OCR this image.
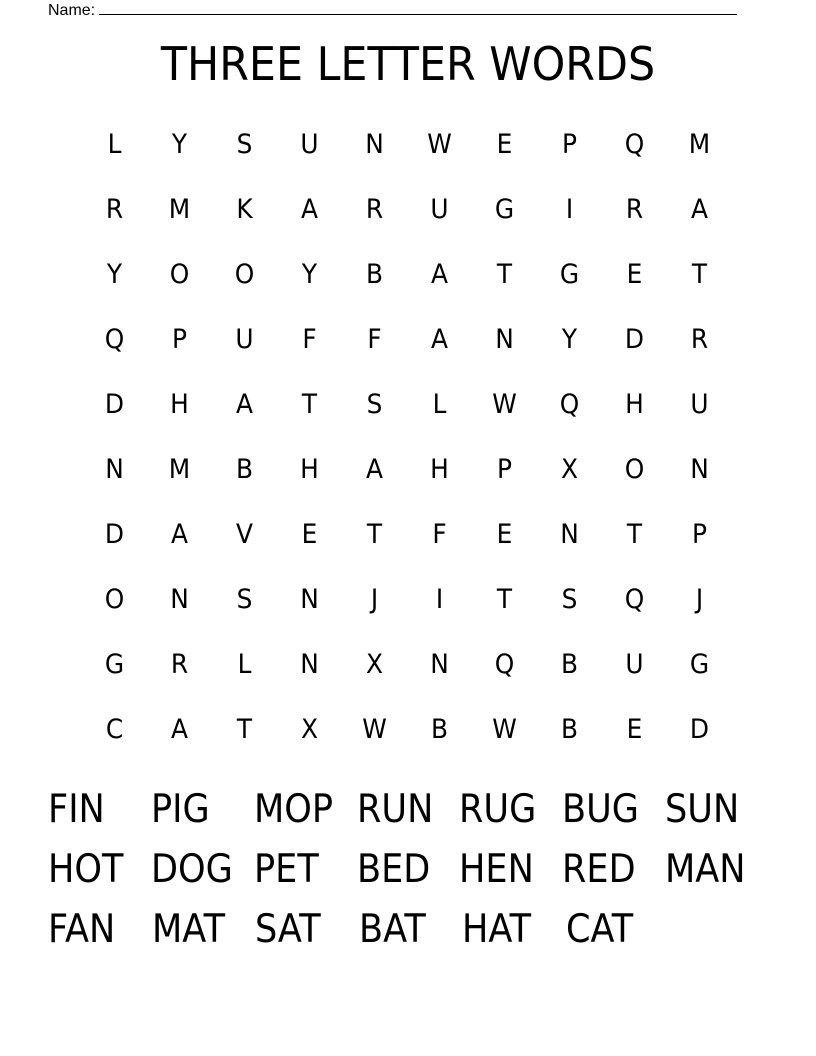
Name:
THREE LETTER WORDS
L	Y	S	U	N	W	E	P	Q	M
R	M	K	A	R	U	G	I	R	A
Y	O	O	Y	B	A	T	G	E	T
Q	P	U	F	F	A	N	Y	D	R
D	H	A	T	S	L	W	Q	H	U
N	M	B	H	A	H	P	X	O	N
D	A	V	E	T	F	E	N	T	P
O	N	S	N	J	I	T	S	Q	J
G	R	L	N	X	N	Q	B	U	G
C	A	T	X	W	B	W	B	E	D
FIN	PIG	MOP RUN RUG BUG SUN
HOT DOG PET BED HEN RED MAN
FAN MAT SAT BAT HAT CAT
